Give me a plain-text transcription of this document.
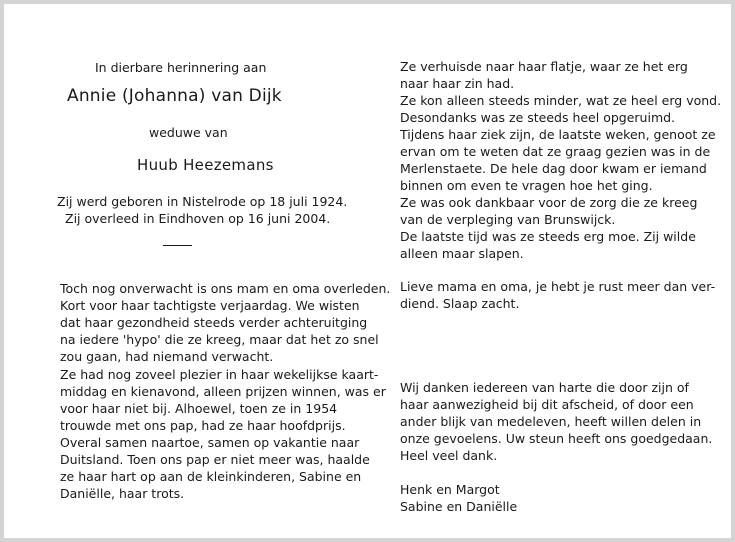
In dierbare herinnering aan

Annie (Johanna) van Dijk

weduwe van

Huub Heezemans

Zij werd geboren in Nistelrode op 18 juli 1924.

Zij overleed in Eindhoven op 16 juni 2004.

Toch nog onverwacht is ons mam en oma overleden.
Kort voor haar tachtigste verjaardag. We wisten
dat haar gezondheid steeds verder achteruitging
na iedere 'hypo' die ze kreeg, maar dat het zo snel
zou gaan, had niemand verwacht.
Ze had nog zoveel plezier in haar wekelijkse kaart-
middag en kienavond, alleen prijzen winnen, was er
voor haar niet bij. Alhoewel, toen ze in 1954
trouwde met ons pap, had ze haar hoofdprijs.
Overal samen naartoe, samen op vakantie naar
Duitsland. Toen ons pap er niet meer was, haalde
ze haar hart op aan de kleinkinderen, Sabine en
Daniëlle, haar trots.
Ze verhuisde naar haar flatje, waar ze het erg
naar haar zin had.
Ze kon alleen steeds minder, wat ze heel erg vond.
Desondanks was ze steeds heel opgeruimd.
Tijdens haar ziek zijn, de laatste weken, genoot ze
ervan om te weten dat ze graag gezien was in de
Merlenstaete. De hele dag door kwam er iemand
binnen om even te vragen hoe het ging.
Ze was ook dankbaar voor de zorg die ze kreeg
van de verpleging van Brunswijck.
De laatste tijd was ze steeds erg moe. Zij wilde
alleen maar slapen.
Lieve mama en oma, je hebt je rust meer dan ver-
diend. Slaap zacht.
Wij danken iedereen van harte die door zijn of
haar aanwezigheid bij dit afscheid, of door een
ander blijk van medeleven, heeft willen delen in
onze gevoelens. Uw steun heeft ons goedgedaan.
Heel veel dank.
Henk en Margot
Sabine en Daniëlle
